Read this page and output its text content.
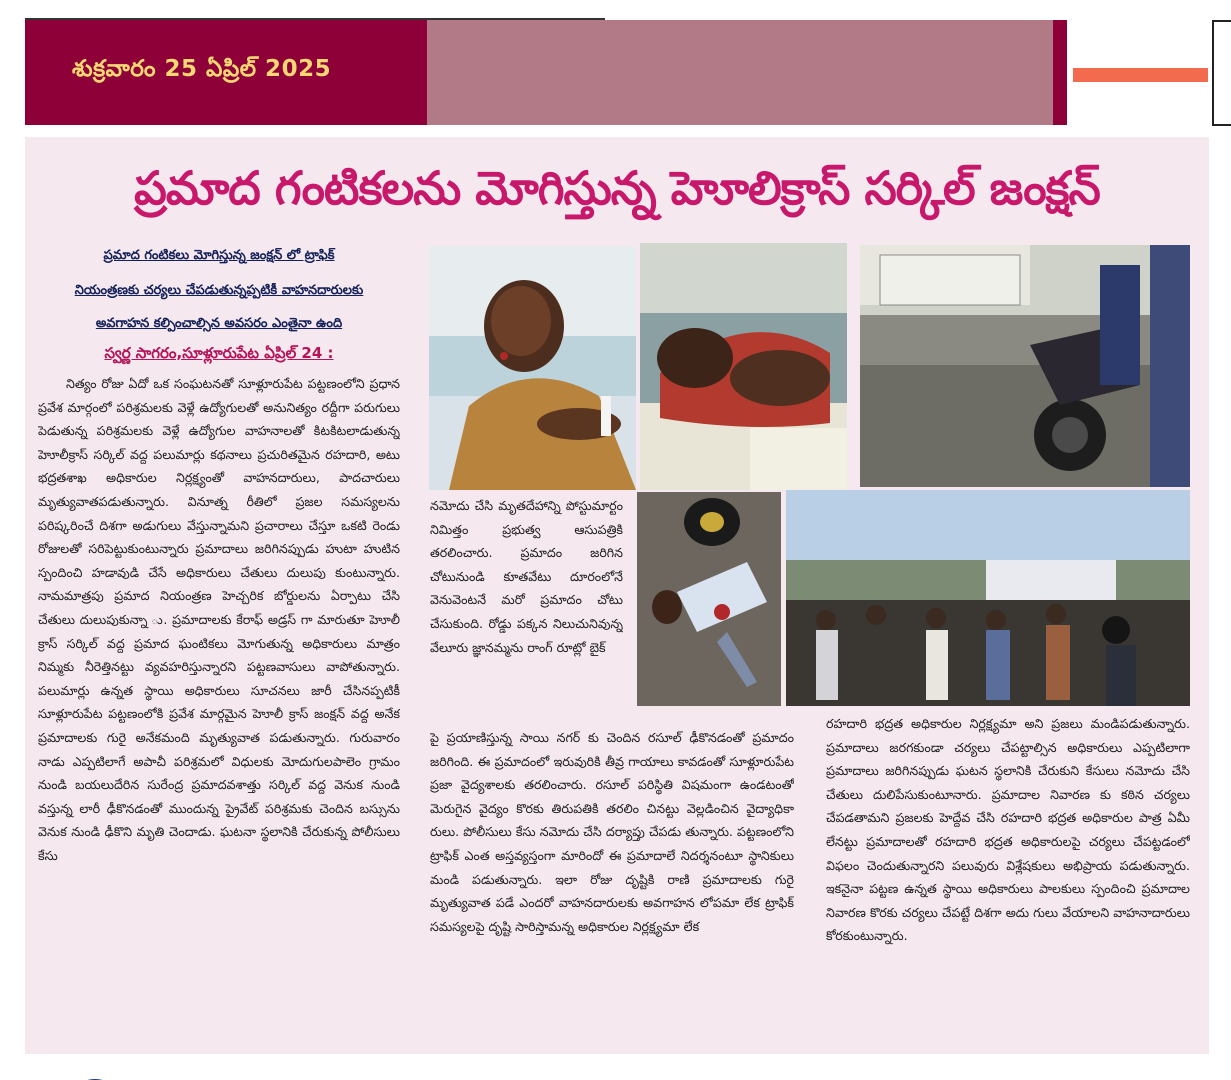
శుక్రవారం 25 ఏప్రిల్ 2025
ప్రమాద గంటికలను మోగిస్తున్న హెూలిక్రాస్ సర్కిల్ జంక్షన్
ప్రమాద గంటికలు మోగిస్తున్న జంక్షన్ లో ట్రాఫిక్
నియంత్రణకు చర్యలు చేపడుతున్నప్పటికీ వాహనదారులకు
అవగాహన కల్పించాల్సిన అవసరం ఎంతైనా ఉంది
స్వర్ణ సాగరం,సూళ్లూరుపేట ఏప్రిల్ 24 :

నిత్యం రోజు ఏదో ఒక సంఘటనతో సూళ్లూరుపేట పట్టణంలోని ప్రధాన ప్రవేశ మార్గంలో పరిశ్రమలకు వెళ్లే ఉద్యోగులతో అనునిత్యం రద్దీగా పరుగులు పెడుతున్న పరిశ్రమలకు వెళ్లే ఉద్యోగుల వాహనాలతో కిటకిటలాడుతున్న హెూలీక్రాస్ సర్కిల్ వద్ద పలుమార్లు కథనాలు ప్రచురితమైన రహదారి, అటు భద్రతశాఖ అధికారుల నిర్లక్ష్యంతో వాహనదారులు, పాదచారులు మృత్యువాతపడుతున్నారు. వినూత్న రీతిలో ప్రజల సమస్యలను పరిష్కరించే దిశగా అడుగులు వేస్తున్నామని ప్రచారాలు చేస్తూ ఒకటి రెండు రోజులతో సరిపెట్టుకుంటున్నారు ప్రమాదాలు జరిగినప్పుడు హుటా హుటిన స్పందించి హడావుడి చేసే అధికారులు చేతులు దులుపు కుంటున్నారు. నామమాత్రపు ప్రమాద నియంత్రణ హెచ్చరిక బోర్డులను ఏర్పాటు చేసి చేతులు దులుపుకున్నా ు. ప్రమాదాలకు కేరాఫ్ అడ్రస్ గా మారుతూ హెూలీ క్రాస్ సర్కిల్ వద్ద ప్రమాద ఘంటికలు మోగుతున్న అధికారులు మాత్రం నిమ్మకు నీరెత్తినట్టు వ్యవహరిస్తున్నారని పట్టణవాసులు వాపోతున్నారు. పలుమార్లు ఉన్నత స్థాయి అధికారులు సూచనలు జారీ చేసినప్పటికీ సూళ్లూరుపేట పట్టణంలోకి ప్రవేశ మార్గమైన హెూలీ క్రాస్ జంక్షన్ వద్ద అనేక ప్రమాదాలకు గురై అనేకమంది మృత్యువాత పడుతున్నారు. గురువారం నాడు ఎప్పటిలాగే అపాచీ పరిశ్రమలో విధులకు మోదుగులపాలెం గ్రామం నుండి బయలుదేరిన సురేంద్ర ప్రమాదవశాత్తు సర్కిల్ వద్ద వెనుక నుండి వస్తున్న లారీ ఢీకొనడంతో ముందున్న ప్రైవేట్ పరిశ్రమకు చెందిన బస్సును వెనుక నుండి ఢీకొని మృతి చెందాడు. ఘటనా స్థలానికి చేరుకున్న పోలీసులు కేసు

నమోదు చేసి మృతదేహాన్ని పోస్టుమార్టం నిమిత్తం ప్రభుత్వ ఆసుపత్రికి తరలించారు. ప్రమాదం జరిగిన చోటునుండి కూతవేటు దూరంలోనే వెనువెంటనే మరో ప్రమాదం చోటు చేసుకుంది. రోడ్డు పక్కన నిలుచునివున్న వేలూరు జ్ఞానమ్మను రాంగ్ రూట్లో బైక్

పై ప్రయాణిస్తున్న సాయి నగర్ కు చెందిన రసూల్ ఢీకొనడంతో ప్రమాదం జరిగింది. ఈ ప్రమాదంలో ఇరువురికి తీవ్ర గాయాలు కావడంతో సూళ్లూరుపేట ప్రజా వైద్యశాలకు తరలించారు. రసూల్ పరిస్థితి విషమంగా ఉండటంతో మెరుగైన వైద్యం కొరకు తిరుపతికి తరలిం చినట్టు వెల్లడించిన వైద్యాధికా రులు. పోలీసులు కేసు నమోదు చేసి దర్యాప్తు చేపడు తున్నారు. పట్టణంలోని ట్రాఫిక్ ఎంత అస్తవ్యస్తంగా మారిందో ఈ ప్రమాదాలే నిదర్శనంటూ స్థానికులు మండి పడుతున్నారు. ఇలా రోజు దృష్టికి రాణి ప్రమాదాలకు గురై మృత్యువాత పడే ఎందరో వాహనదారులకు అవగాహన లోపమా లేక ట్రాఫిక్ సమస్యలపై దృష్టి సారిస్తామన్న అధికారుల నిర్లక్ష్యమా లేక

రహదారి భద్రత అధికారుల నిర్లక్ష్యమా అని ప్రజలు మండిపడుతున్నారు. ప్రమాదాలు జరగకుండా చర్యలు చేపట్టాల్సిన అధికారులు ఎప్పటిలాగా ప్రమాదాలు జరిగినప్పుడు ఘటన స్థలానికి చేరుకుని కేసులు నమోదు చేసి చేతులు దులిపేసుకుంటూనారు. ప్రమాదాల నివారణ కు కఠిన చర్యలు చేపడతామని ప్రజలకు హెద్దేవ చేసి రహదారి భద్రత అధికారుల పాత్ర ఏమీ లేనట్టు ప్రమాదాలతో రహదారి భద్రత అధికారులపై చర్యలు చేపట్టడంలో విఫలం చెందుతున్నారని పలువురు విశ్లేషకులు అభిప్రాయ పడుతున్నారు. ఇకనైనా పట్టణ ఉన్నత స్థాయి అధికారులు పాలకులు స్పందించి ప్రమాదాల నివారణ కొరకు చర్యలు చేపట్టే దిశగా అదు గులు వేయాలని వాహనాదారులు కోరకుంటున్నారు.
